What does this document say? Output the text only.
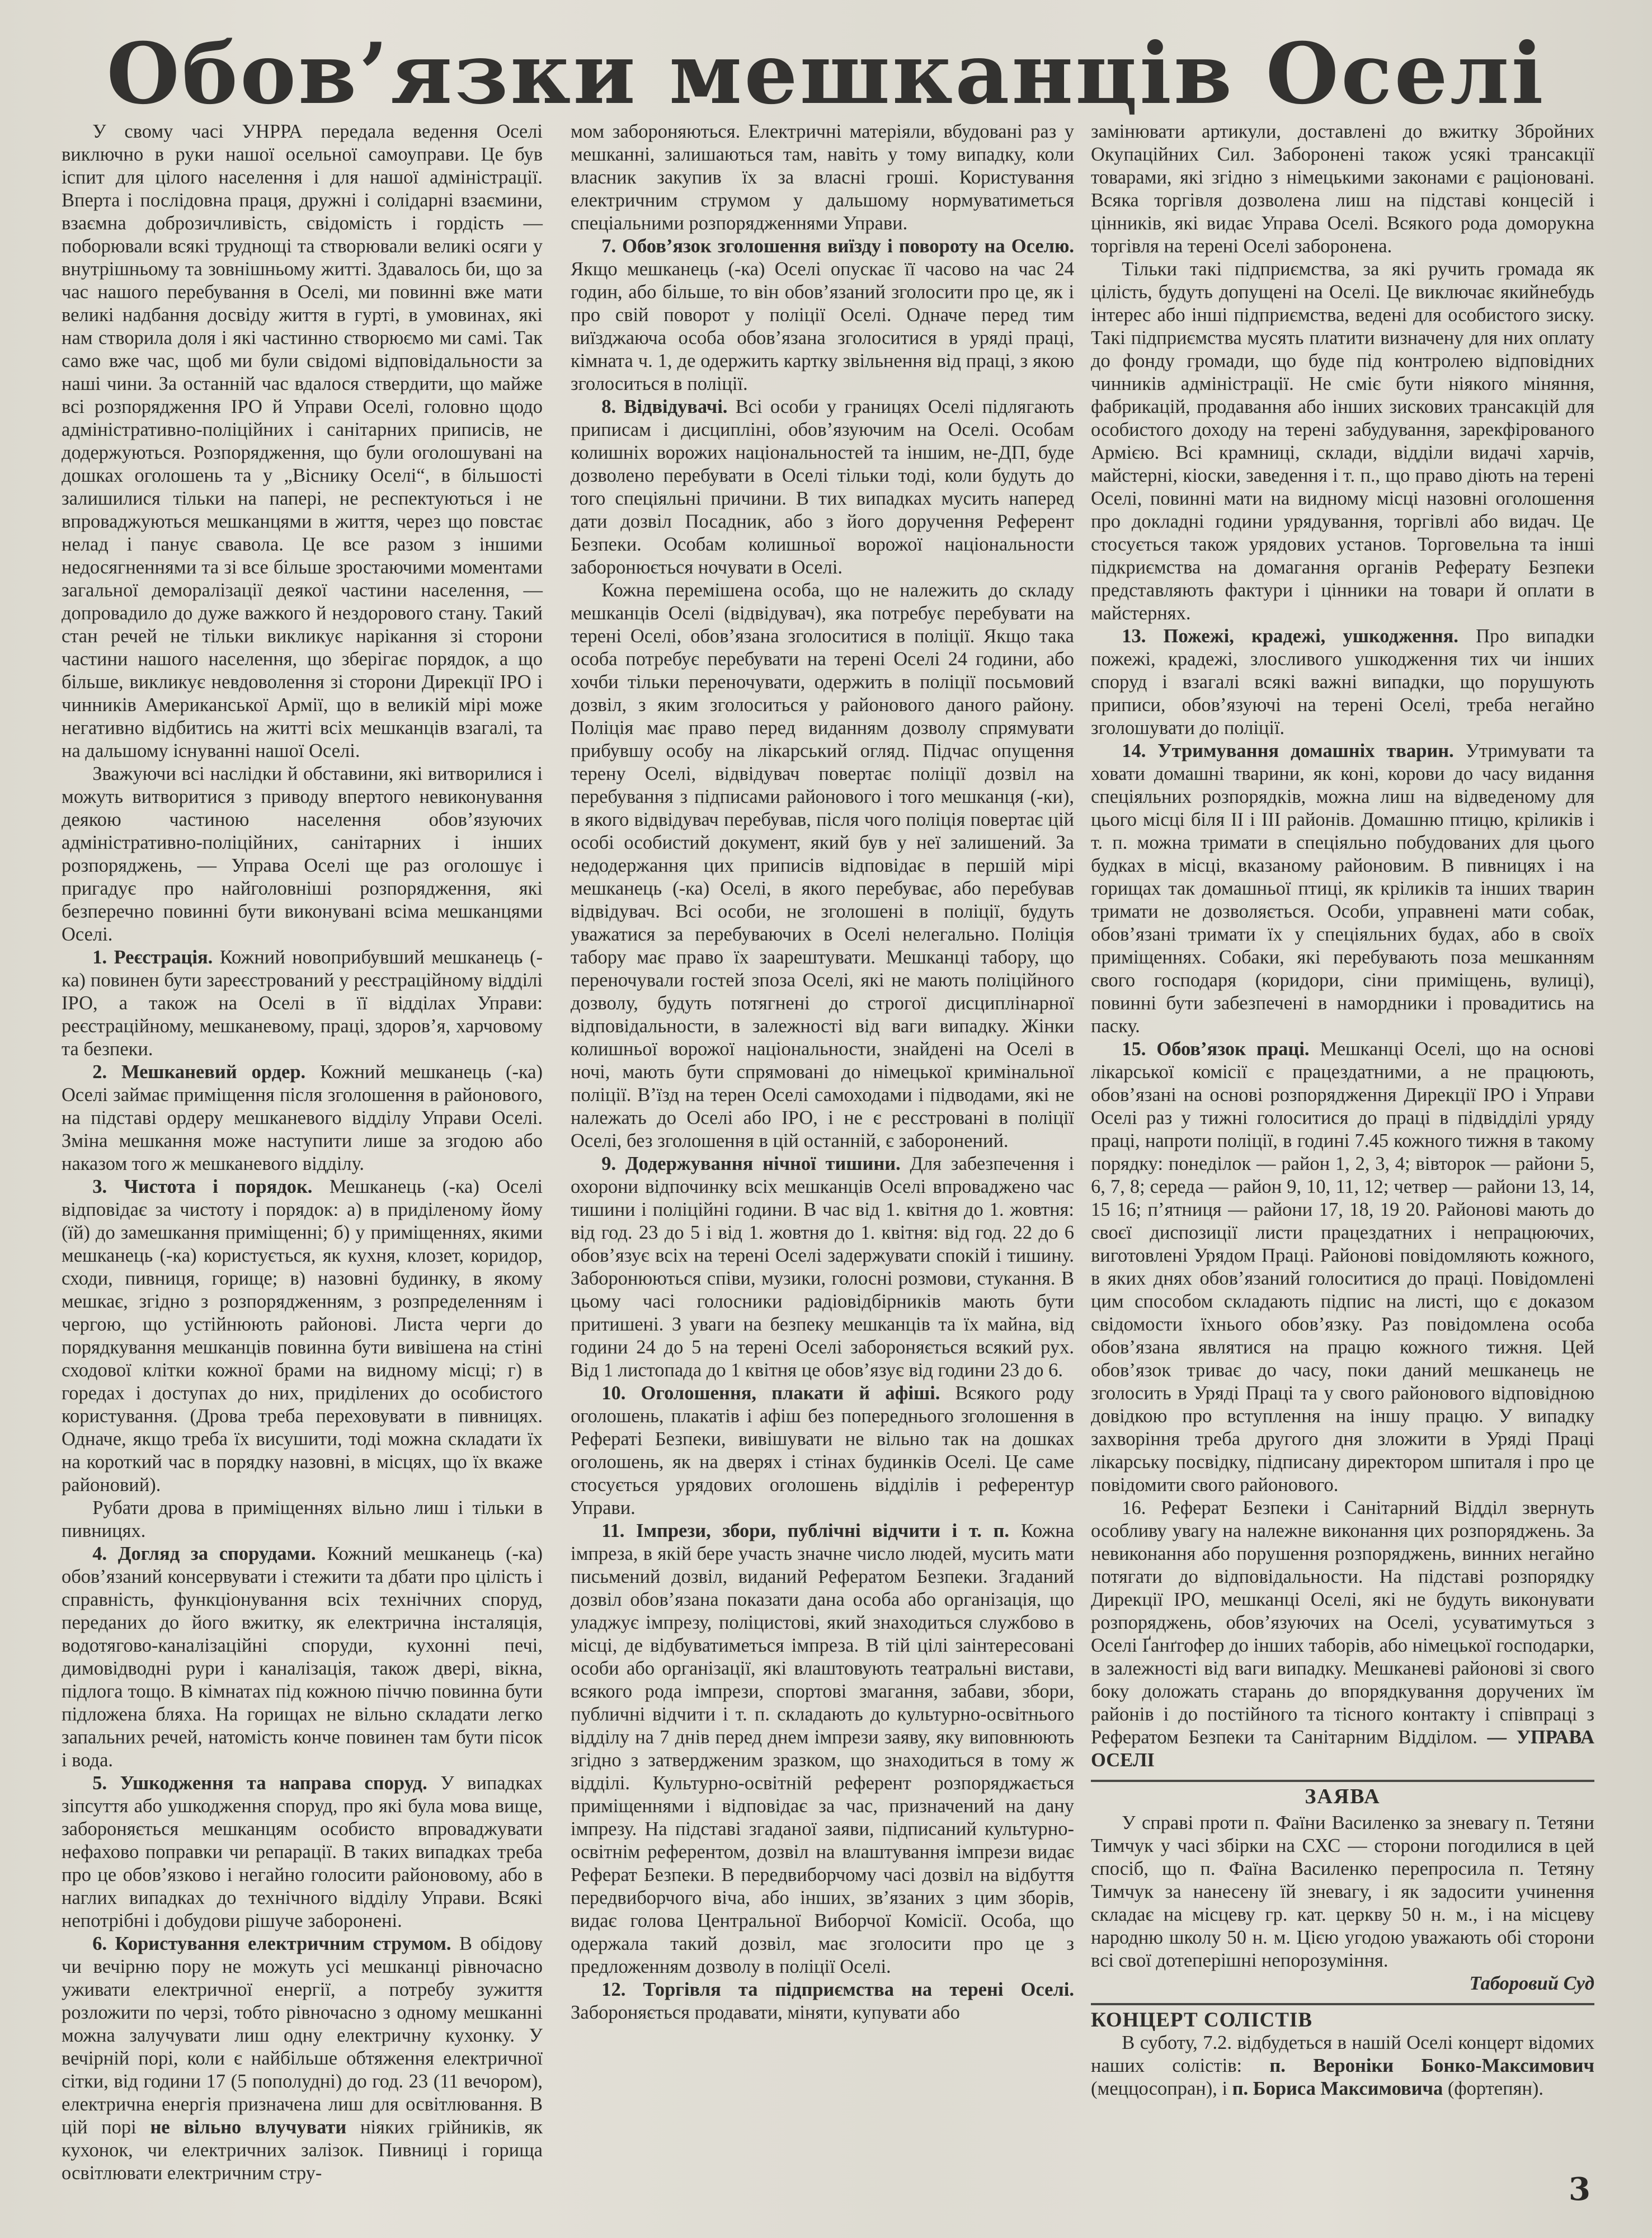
Обов’язки мешканців Оселі

У свому часі УНРРА передала ведення Оселі виключно в руки нашої осельної самоуправи. Це був іспит для цілого населення і для нашої адміністрації. Вперта і послідовна праця, дружні і солідарні взаємини, взаємна доброзичливість, свідомість і гордість — поборювали всякі труднощі та створювали великі осяги у внутрішньому та зовнішньому житті. Здавалось би, що за час нашого перебування в Оселі, ми повинні вже мати великі надбання досвіду життя в гурті, в умовинах, які нам створила доля і які частинно створюємо ми самі. Так само вже час, щоб ми були свідомі відповідальности за наші чини. За останній час вдалося ствердити, що майже всі розпорядження ІРО й Управи Оселі, головно щодо адміністративно-поліційних і санітарних приписів, не додержуються. Розпорядження, що були оголошувані на дошках оголошень та у „Віснику Оселі“, в більшості залишилися тільки на папері, не респектуються і не впроваджуються мешканцями в життя, через що повстає нелад і панує свавола. Це все разом з іншими недосягненнями та зі все більше зростаючими моментами загальної деморалізації деякої частини населення, — допровадило до дуже важкого й нездорового стану. Такий стан речей не тільки викликує нарікання зі сторони частини нашого населення, що зберігає порядок, а що більше, викликує невдоволення зі сторони Дирекції ІРО і чинників Американської Армії, що в великій мірі може негативно відбитись на житті всіх мешканців взагалі, та на дальшому існуванні нашої Оселі.

Зважуючи всі наслідки й обставини, які витворилися і можуть витворитися з приводу впертого невиконування деякою частиною населення обов’язуючих адміністративно-поліційних, санітарних і інших розпоряджень, — Управа Оселі ще раз оголошує і пригадує про найголовніші розпорядження, які безперечно повинні бути виконувані всіма мешканцями Оселі.

1. Реєстрація. Кожний новоприбувший мешканець (-ка) повинен бути зареєстрований у реєстраційному відділі ІРО, а також на Оселі в її відділах Управи: реєстраційному, мешканевому, праці, здоров’я, харчовому та безпеки.

2. Мешканевий ордер. Кожний мешканець (-ка) Оселі займає приміщення після зголошення в районового, на підставі ордеру мешканевого відділу Управи Оселі. Зміна мешкання може наступити лише за згодою або наказом того ж мешканевого відділу.

3. Чистота і порядок. Мешканець (-ка) Оселі відповідає за чистоту і порядок: а) в приділеному йому (їй) до замешкання приміщенні; б) у приміщеннях, якими мешканець (-ка) користується, як кухня, клозет, коридор, сходи, пивниця, горище; в) назовні будинку, в якому мешкає, згідно з розпорядженням, з розпределенням і чергою, що устійнюють районові. Листа черги до порядкування мешканців повинна бути вивішена на стіні сходової клітки кожної брами на видному місці; г) в горедах і доступах до них, приділених до особистого користування. (Дрова треба переховувати в пивницях. Одначе, якщо треба їх висушити, тоді можна складати їх на короткий час в порядку назовні, в місцях, що їх вкаже районовий).

Рубати дрова в приміщеннях вільно лиш і тільки в пивницях.

4. Догляд за спорудами. Кожний мешканець (-ка) обов’язаний консервувати і стежити та дбати про цілість і справність, функціонування всіх технічних споруд, переданих до його вжитку, як електрична інсталяція, водотягово-каналізаційні споруди, кухонні печі, димовідводні рури і каналізація, також двері, вікна, підлога тощо. В кімнатах під кожною піччю повинна бути підложена бляха. На горищах не вільно складати легко запальних речей, натомість конче повинен там бути пісок і вода.

5. Ушкодження та направа споруд. У випадках зіпсуття або ушкодження споруд, про які була мова вище, забороняється мешканцям особисто впроваджувати нефахово поправки чи репарації. В таких випадках треба про це обов’язково і негайно голосити районовому, або в наглих випадках до технічного відділу Управи. Всякі непотрібні і добудови рішуче заборонені.

6. Користування електричним струмом. В обідову чи вечірню пору не можуть усі мешканці рівночасно уживати електричної енергії, а потребу зужиття розложити по черзі, тобто рівночасно з одному мешканні можна залучувати лиш одну електричну кухонку. У вечірній порі, коли є найбільше обтяження електричної сітки, від години 17 (5 пополудні) до год. 23 (11 вечором), електрична енергія призначена лиш для освітлювання. В цій порі не вільно влучувати ніяких грійників, як кухонок, чи електричних залізок. Пивниці і горища освітлювати електричним стру-

мом забороняються. Електричні матеріяли, вбудовані раз у мешканні, залишаються там, навіть у тому випадку, коли власник закупив їх за власні гроші. Користування електричним струмом у дальшому нормуватиметься спеціальними розпорядженнями Управи.

7. Обов’язок зголошення виїзду і повороту на Оселю. Якщо мешканець (-ка) Оселі опускає її часово на час 24 годин, або більше, то він обов’язаний зголосити про це, як і про свій поворот у поліції Оселі. Одначе перед тим виїзджаюча особа обов’язана зголоситися в уряді праці, кімната ч. 1, де одержить картку звільнення від праці, з якою зголоситься в поліції.

8. Відвідувачі. Всі особи у границях Оселі підлягають приписам і дисципліні, обов’язуючим на Оселі. Особам колишніх ворожих національностей та іншим, не-ДП, буде дозволено перебувати в Оселі тільки тоді, коли будуть до того спеціяльні причини. В тих випадках мусить наперед дати дозвіл Посадник, або з його доручення Референт Безпеки. Особам колишньої ворожої національности заборонюється ночувати в Оселі.

Кожна перемішена особа, що не належить до складу мешканців Оселі (відвідувач), яка потребує перебувати на терені Оселі, обов’язана зголоситися в поліції. Якщо така особа потребує перебувати на терені Оселі 24 години, або хочби тільки переночувати, одержить в поліції посьмовий дозвіл, з яким зголоситься у районового даного району. Поліція має право перед виданням дозволу спрямувати прибувшу особу на лікарський огляд. Підчас опущення терену Оселі, відвідувач повертає поліції дозвіл на перебування з підписами районового і того мешканця (-ки), в якого відвідувач перебував, після чого поліція повертає цій особі особистий документ, який був у неї залишений. За недодержання цих приписів відповідає в першій мірі мешканець (-ка) Оселі, в якого перебуває, або перебував відвідувач. Всі особи, не зголошені в поліції, будуть уважатися за перебуваючих в Оселі нелегально. Поліція табору має право їх заарештувати. Мешканці табору, що переночували гостей зпоза Оселі, які не мають поліційного дозволу, будуть потягнені до строгої дисциплінарної відповідальности, в залежності від ваги випадку. Жінки колишньої ворожої національности, знайдені на Оселі в ночі, мають бути спрямовані до німецької кримінальної поліції. В’їзд на терен Оселі самоходами і підводами, які не належать до Оселі або ІРО, і не є ресстровані в поліції Оселі, без зголошення в цій останній, є заборонений.

9. Додержування нічної тишини. Для забезпечення і охорони відпочинку всіх мешканців Оселі впроваджено час тишини і поліційні години. В час від 1. квітня до 1. жовтня: від год. 23 до 5 і від 1. жовтня до 1. квітня: від год. 22 до 6 обов’язує всіх на терені Оселі задержувати спокій і тишину. Заборонюються співи, музики, голосні розмови, стукання. В цьому часі голосники радіовідбірників мають бути притишені. З уваги на безпеку мешканців та їх майна, від години 24 до 5 на терені Оселі забороняється всякий рух. Від 1 листопада до 1 квітня це обов’язує від години 23 до 6.

10. Оголошення, плакати й афіші. Всякого роду оголошень, плакатів і афіш без попереднього зголошення в Рефераті Безпеки, вивішувати не вільно так на дошках оголошень, як на дверях і стінах будинків Оселі. Це саме стосується урядових оголошень відділів і референтур Управи.

11. Імпрези, збори, публічні відчити і т. п. Кожна імпреза, в якій бере участь значне число людей, мусить мати письмений дозвіл, виданий Рефератом Безпеки. Згаданий дозвіл обов’язана показати дана особа або організація, що уладжує імпрезу, поліцистові, який знаходиться службово в місці, де відбуватиметься імпреза. В тій цілі заінтересовані особи або організації, які влаштовують театральні вистави, всякого рода імпрези, спортові змагання, забави, збори, публичні відчити і т. п. складають до культурно-освітнього відділу на 7 днів перед днем імпрези заяву, яку виповнюють згідно з затвердженим зразком, що знаходиться в тому ж відділі. Культурно-освітній референт розпоряджається приміщеннями і відповідає за час, призначений на дану імпрезу. На підставі згаданої заяви, підписаний культурно-освітнім референтом, дозвіл на влаштування імпрези видає Реферат Безпеки. В передвиборчому часі дозвіл на відбуття передвиборчого віча, або інших, зв’язаних з цим зборів, видає голова Центральної Виборчої Комісії. Особа, що одержала такий дозвіл, має зголосити про це з предложенням дозволу в поліції Оселі.

12. Торгівля та підприємства на терені Оселі. Забороняється продавати, міняти, купувати або

замінювати артикули, доставлені до вжитку Збройних Окупаційних Сил. Заборонені також усякі трансакції товарами, які згідно з німецькими законами є раціоновані. Всяка торгівля дозволена лиш на підставі концесій і цінників, які видає Управа Оселі. Всякого рода доморукна торгівля на терені Оселі заборонена.

Тільки такі підприємства, за які ручить громада як цілість, будуть допущені на Оселі. Це виключає якийнебудь інтерес або інші підприємства, ведені для особистого зиску. Такі підприємства мусять платити визначену для них оплату до фонду громади, що буде під контролею відповідних чинників адміністрації. Не сміє бути ніякого міняння, фабрикацій, продавання або інших зискових трансакцій для особистого доходу на терені забудування, зарекфірованого Армією. Всі крамниці, склади, відділи видачі харчів, майстерні, кіоски, заведення і т. п., що право діють на терені Оселі, повинні мати на видному місці назовні оголошення про докладні години урядування, торгівлі або видач. Це стосується також урядових установ. Торговельна та інші підкриємства на домагання органів Реферату Безпеки представляють фактури і цінники на товари й оплати в майстернях.

13. Пожежі, крадежі, ушкодження. Про випадки пожежі, крадежі, злосливого ушкодження тих чи інших споруд і взагалі всякі важні випадки, що порушують приписи, обов’язуючі на терені Оселі, треба негайно зголошувати до поліції.

14. Утримування домашніх тварин. Утримувати та ховати домашні тварини, як коні, корови до часу видання спеціяльних розпорядків, можна лиш на відведеному для цього місці біля ІІ і ІІІ районів. Домашню птицю, кріликів і т. п. можна тримати в спеціяльно побудованих для цього будках в місці, вказаному районовим. В пивницях і на горищах так домашньої птиці, як кріликів та інших тварин тримати не дозволяється. Особи, управнені мати собак, обов’язані тримати їх у спеціяльних будах, або в своїх приміщеннях. Собаки, які перебувають поза мешканням свого господаря (коридори, сіни приміщень, вулиці), повинні бути забезпечені в намордники і провадитись на паску.

15. Обов’язок праці. Мешканці Оселі, що на основі лікарської комісії є працездатними, а не працюють, обов’язані на основі розпорядження Дирекції ІРО і Управи Оселі раз у тижні голоситися до праці в підвідділі уряду праці, напроти поліції, в годині 7.45 кожного тижня в такому порядку: понеділок — район 1, 2, 3, 4; вівторок — райони 5, 6, 7, 8; середа — район 9, 10, 11, 12; четвер — райони 13, 14, 15 16; п’ятниця — райони 17, 18, 19 20. Районові мають до своєї диспозиції листи працездатних і непрацюючих, виготовлені Урядом Праці. Районові повідомляють кожного, в яких днях обов’язаний голоситися до праці. Повідомлені цим способом складають підпис на листі, що є доказом свідомости їхнього обов’язку. Раз повідомлена особа обов’язана являтися на працю кожного тижня. Цей обов’язок триває до часу, поки даний мешканець не зголосить в Уряді Праці та у свого районового відповідною довідкою про вступлення на іншу працю. У випадку захворіння треба другого дня зложити в Уряді Праці лікарську посвідку, підписану директором шпиталя і про це повідомити свого районового.

16. Реферат Безпеки і Санітарний Відділ звернуть особливу увагу на належне виконання цих розпоряджень. За невиконання або порушення розпоряджень, винних негайно потягати до відповідальности. На підставі розпорядку Дирекції ІРО, мешканці Оселі, які не будуть виконувати розпоряджень, обов’язуючих на Оселі, усуватимуться з Оселі Ґанґгофер до інших таборів, або німецької господарки, в залежності від ваги випадку. Мешканеві районові зі свого боку доложать старань до впорядкування доручених їм районів і до постійного та тісного контакту і співпраці з Рефератом Безпеки та Санітарним Відділом. — УПРАВА ОСЕЛІ

ЗАЯВА

У справі проти п. Фаїни Василенко за зневагу п. Тетяни Тимчук у часі збірки на СХС — сторони погодилися в цей спосіб, що п. Фаїна Василенко перепросила п. Тетяну Тимчук за нанесену їй зневагу, і як задосити учинення складає на місцеву гр. кат. церкву 50 н. м., і на місцеву народню школу 50 н. м. Цією угодою уважають обі сторони всі свої дотеперішні непорозуміння.

Таборовий Суд
КОНЦЕРТ СОЛІСТІВ

В суботу, 7.2. відбудеться в нашій Оселі концерт відомих наших солістів: п. Вероніки Бонко-Максимович (меццосопран), і п. Бориса Максимовича (фортепян).

3
